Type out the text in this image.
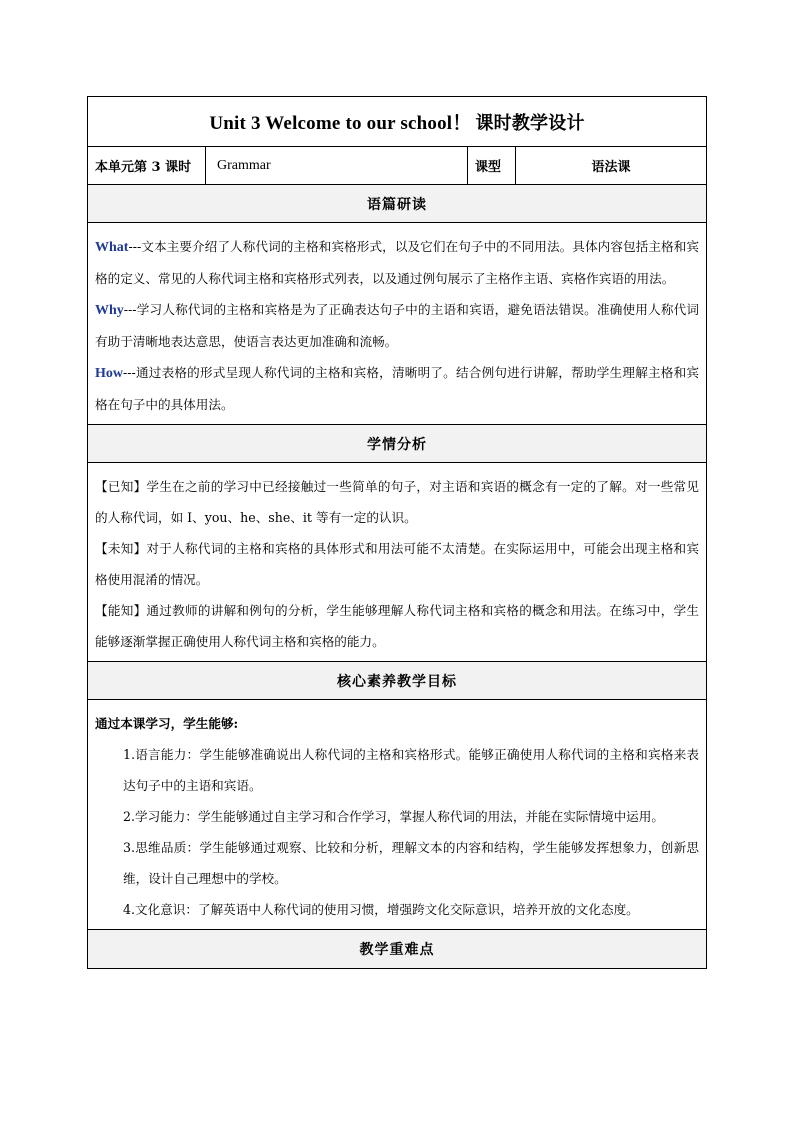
Unit 3 Welcome to our school！ 课时教学设计
本单元第 3 课时	Grammar	课型	语法课
语篇研读

What---文本主要介绍了人称代词的主格和宾格形式，以及它们在句子中的不同用法。具体内容包括主格和宾格的定义、常见的人称代词主格和宾格形式列表，以及通过例句展示了主格作主语、宾格作宾语的用法。

Why---学习人称代词的主格和宾格是为了正确表达句子中的主语和宾语，避免语法错误。准确使用人称代词有助于清晰地表达意思，使语言表达更加准确和流畅。

How---通过表格的形式呈现人称代词的主格和宾格，清晰明了。结合例句进行讲解，帮助学生理解主格和宾格在句子中的具体用法。

学情分析

【已知】学生在之前的学习中已经接触过一些简单的句子，对主语和宾语的概念有一定的了解。对一些常见的人称代词，如 I、you、he、she、it 等有一定的认识。

【未知】对于人称代词的主格和宾格的具体形式和用法可能不太清楚。在实际运用中，可能会出现主格和宾格使用混淆的情况。

【能知】通过教师的讲解和例句的分析，学生能够理解人称代词主格和宾格的概念和用法。在练习中，学生能够逐渐掌握正确使用人称代词主格和宾格的能力。

核心素养教学目标

通过本课学习，学生能够:

1.语言能力：学生能够准确说出人称代词的主格和宾格形式。能够正确使用人称代词的主格和宾格来表达句子中的主语和宾语。

2.学习能力：学生能够通过自主学习和合作学习，掌握人称代词的用法，并能在实际情境中运用。

3.思维品质：学生能够通过观察、比较和分析，理解文本的内容和结构，学生能够发挥想象力，创新思维，设计自己理想中的学校。

4.文化意识：了解英语中人称代词的使用习惯，增强跨文化交际意识，培养开放的文化态度。

教学重难点
